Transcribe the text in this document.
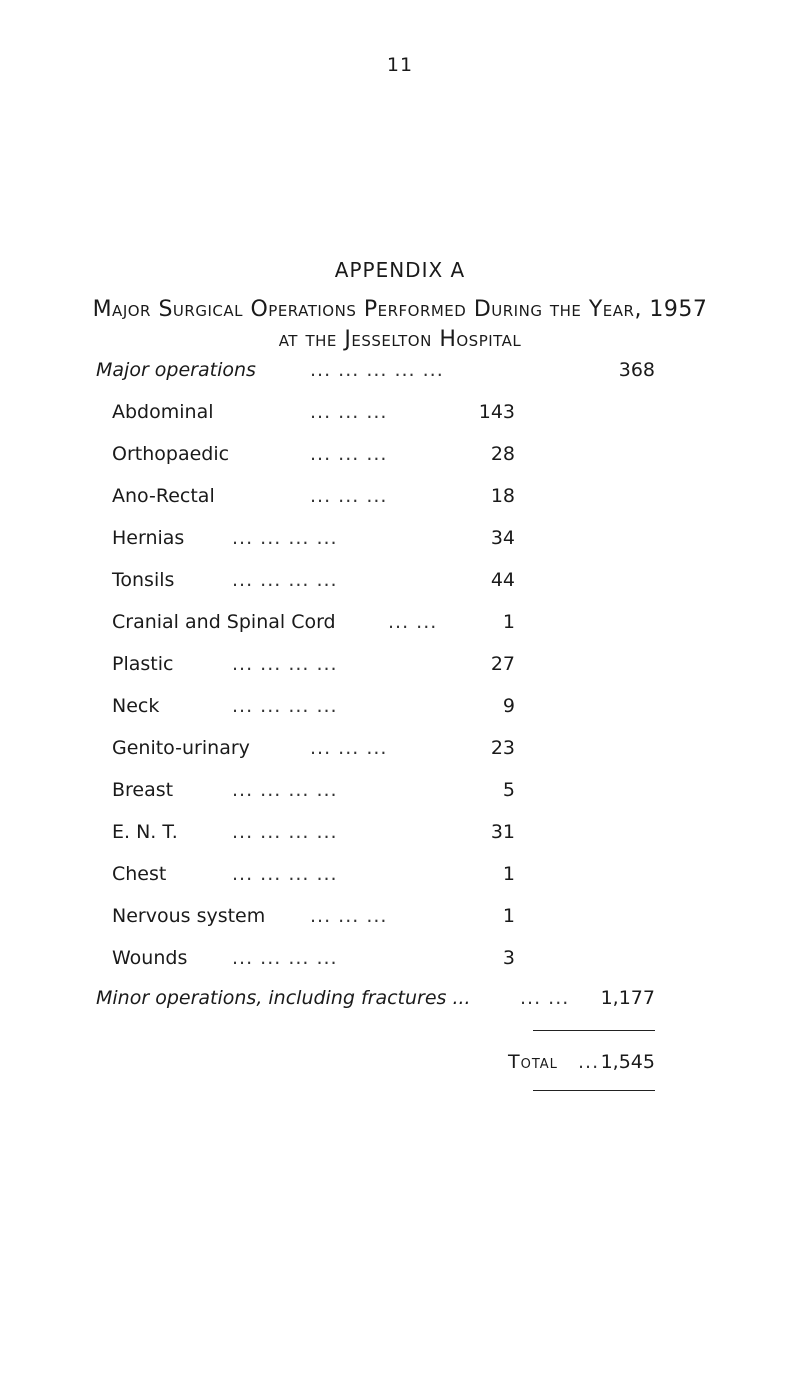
11
APPENDIX A
Major Surgical Operations Performed During the Year, 1957
at the Jesselton Hospital
Major operations	... ... ... ... ...	368
Abdominal	... ... ...	143
Orthopaedic	... ... ...	28
Ano-Rectal	... ... ...	18
Hernias	... ... ... ...	34
Tonsils	... ... ... ...	44
Cranial and Spinal Cord	... ...	1
Plastic	... ... ... ...	27
Neck	... ... ... ...	9
Genito-urinary	... ... ...	23
Breast	... ... ... ...	5
E. N. T.	... ... ... ...	31
Chest	... ... ... ...	1
Nervous system ... ... ...	1
Wounds ... ... ... ...	3
Minor operations, including fractures ...	... ...	1,177
Total ... 1,545
